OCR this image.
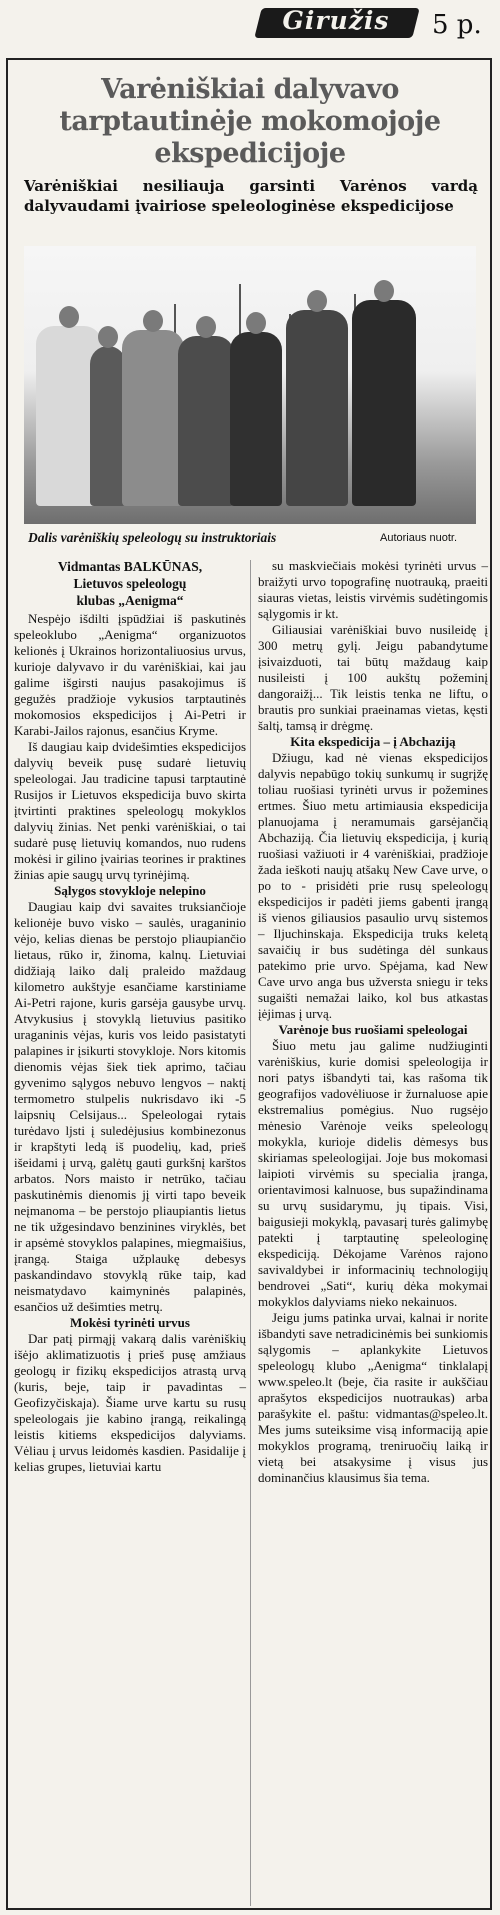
Giružis	5 p.
Varėniškiai dalyvavo tarptautinėje mokomojoje ekspedicijoje
Varėniškiai nesiliauja garsinti Varėnos vardą dalyvaudami įvairiose speleologinėse ekspedicijose
Dalis varėniškių speleologų su instruktoriais	Autoriaus nuotr.
Vidmantas BALKŪNAS,
Lietuvos speleologų
klubas „Aenigma“

Nespėjo išdilti įspūdžiai iš paskutinės speleoklubo „Aenigma“ organizuotos kelionės į Ukrainos horizontaliuosius urvus, kurioje dalyvavo ir du varėniškiai, kai jau galime išgirsti naujus pasakojimus iš gegužės pradžioje vykusios tarptautinės mokomosios ekspedicijos į Ai-Petri ir Karabi-Jailos rajonus, esančius Kryme.

Iš daugiau kaip dvidešimties ekspedicijos dalyvių beveik pusę sudarė lietuvių speleologai. Jau tradicine tapusi tarptautinė Rusijos ir Lietuvos ekspedicija buvo skirta įtvirtinti praktines speleologų mokyklos dalyvių žinias. Net penki varėniškiai, o tai sudarė pusę lietuvių komandos, nuo rudens mokėsi ir gilino įvairias teorines ir praktines žinias apie saugų urvų tyrinėjimą.

Sąlygos stovykloje nelepino

Daugiau kaip dvi savaites truksiančioje kelionėje buvo visko – saulės, uraganinio vėjo, kelias dienas be perstojo pliaupiančio lietaus, rūko ir, žinoma, kalnų. Lietuviai didžiają laiko dalį praleido maždaug kilometro aukštyje esančiame karstiniame Ai-Petri rajone, kuris garsėja gausybe urvų. Atvykusius į stovyklą lietuvius pasitiko uraganinis vėjas, kuris vos leido pasistatyti palapines ir įsikurti stovykloje. Nors kitomis dienomis vėjas šiek tiek aprimo, tačiau gyvenimo sąlygos nebuvo lengvos – naktį termometro stulpelis nukrisdavo iki -5 laipsnių Celsijaus... Speleologai rytais turėdavo ljsti į suledėjusius kombinezonus ir krapštyti ledą iš puodelių, kad, prieš išeidami į urvą, galėtų gauti gurkšnį karštos arbatos. Nors maisto ir netrūko, tačiau paskutinėmis dienomis jį virti tapo beveik neįmanoma – be perstojo pliaupiantis lietus ne tik užgesindavo benzinines viryklės, bet ir apsėmė stovyklos palapines, miegmaišius, įrangą. Staiga užplaukę debesys paskandindavo stovyklą rūke taip, kad neismatydavo kaimyninės palapinės, esančios už dešimties metrų.

Mokėsi tyrinėti urvus

Dar patį pirmąjį vakarą dalis varėniškių išėjo aklimatizuotis į prieš pusę amžiaus geologų ir fizikų ekspedicijos atrastą urvą (kuris, beje, taip ir pavadintas – Geofizyčiskaja). Šiame urve kartu su rusų speleologais jie kabino įrangą, reikalingą leistis kitiems ekspedicijos dalyviams. Vėliau į urvus leidomės kasdien. Pasidalije į kelias grupes, lietuviai kartu

su maskviečiais mokėsi tyrinėti urvus – braižyti urvo topografinę nuotrauką, praeiti siauras vietas, leistis virvėmis sudėtingomis sąlygomis ir kt.

Giliausiai varėniškiai buvo nusileidę į 300 metrų gylį. Jeigu pabandytume įsivaizduoti, tai būtų maždaug kaip nusileisti į 100 aukštų požeminį dangoraižį... Tik leistis tenka ne liftu, o brautis pro sunkiai praeinamas vietas, kęsti šaltį, tamsą ir drėgmę.

Kita ekspedicija – į Abchaziją

Džiugu, kad nė vienas ekspedicijos dalyvis nepabūgo tokių sunkumų ir sugrįžę toliau ruošiasi tyrinėti urvus ir požemines ertmes. Šiuo metu artimiausia ekspedicija planuojama į neramumais garsėjančią Abchaziją. Čia lietuvių ekspedicija, į kurią ruošiasi važiuoti ir 4 varėniškiai, pradžioje žada ieškoti naujų atšakų New Cave urve, o po to - prisidėti prie rusų speleologų ekspedicijos ir padėti jiems gabenti įrangą iš vienos giliausios pasaulio urvų sistemos – Iljuchinskaja. Ekspedicija truks keletą savaičių ir bus sudėtinga dėl sunkaus patekimo prie urvo. Spėjama, kad New Cave urvo anga bus užversta sniegu ir teks sugaišti nemažai laiko, kol bus atkastas įėjimas į urvą.

Varėnoje bus ruošiami speleologai

Šiuo metu jau galime nudžiuginti varėniškius, kurie domisi speleologija ir nori patys išbandyti tai, kas rašoma tik geografijos vadovėliuose ir žurnaluose apie ekstremalius pomėgius. Nuo rugsėjo mėnesio Varėnoje veiks speleologų mokykla, kurioje didelis dėmesys bus skiriamas speleologijai. Joje bus mokomasi laipioti virvėmis su specialia įranga, orientavimosi kalnuose, bus supažindinama su urvų susidarymu, jų tipais. Visi, baigusieji mokyklą, pavasarį turės galimybę patekti į tarptautinę speleologinę ekspediciją. Dėkojame Varėnos rajono savivaldybei ir informacinių technologijų bendrovei „Sati“, kurių dėka mokymai mokyklos dalyviams nieko nekainuos.

Jeigu jums patinka urvai, kalnai ir norite išbandyti save netradicinėmis bei sunkiomis sąlygomis – aplankykite Lietuvos speleologų klubo „Aenigma“ tinklalapį www.speleo.lt (beje, čia rasite ir aukščiau aprašytos ekspedicijos nuotraukas) arba parašykite el. paštu: vidmantas@speleo.lt. Mes jums suteiksime visą informaciją apie mokyklos programą, treniruočių laiką ir vietą bei atsakysime į visus jus dominančius klausimus šia tema.
